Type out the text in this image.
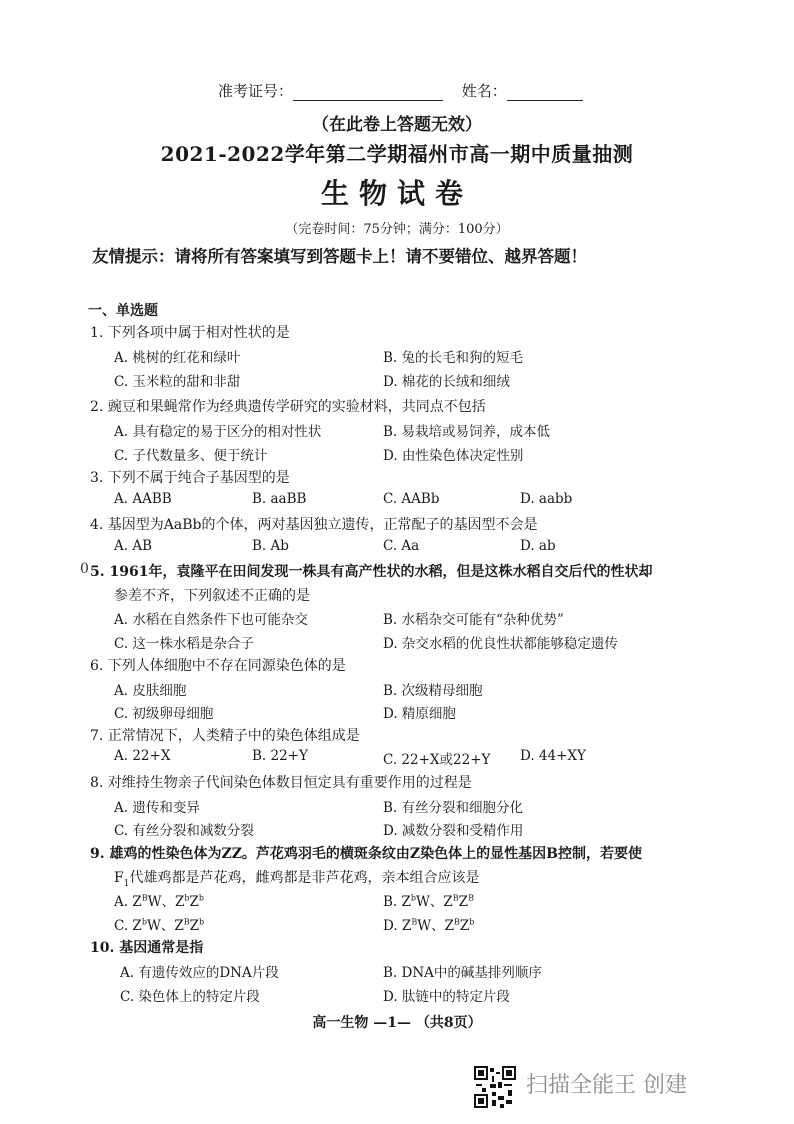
准考证号：	姓名：
（在此卷上答题无效）
2021-2022学年第二学期福州市高一期中质量抽测
生物试卷
（完卷时间：75分钟；满分：100分）
友情提示：请将所有答案填写到答题卡上！请不要错位、越界答题！
一、单选题
1. 下列各项中属于相对性状的是
A. 桃树的红花和绿叶	B. 兔的长毛和狗的短毛
C. 玉米粒的甜和非甜	D. 棉花的长绒和细绒
2. 豌豆和果蝇常作为经典遗传学研究的实验材料，共同点不包括
A. 具有稳定的易于区分的相对性状	B. 易栽培或易饲养，成本低
C. 子代数量多、便于统计	D. 由性染色体决定性别
3. 下列不属于纯合子基因型的是
A. AABB	B. aaBB	C. AABb	D. aabb
4. 基因型为AaBb的个体，两对基因独立遗传，正常配子的基因型不会是
A. AB	B. Ab	C. Aa	D. ab
0 5. 1961年，袁隆平在田间发现一株具有高产性状的水稻，但是这株水稻自交后代的性状却
参差不齐，下列叙述不正确的是
A. 水稻在自然条件下也可能杂交	B. 水稻杂交可能有“杂种优势”
C. 这一株水稻是杂合子	D. 杂交水稻的优良性状都能够稳定遗传
6. 下列人体细胞中不存在同源染色体的是
A. 皮肤细胞	B. 次级精母细胞
C. 初级卵母细胞	D. 精原细胞
7. 正常情况下，人类精子中的染色体组成是
A. 22+X	B. 22+Y	C. 22+X或22+Y D. 44+XY
8. 对维持生物亲子代间染色体数目恒定具有重要作用的过程是
A. 遗传和变异	B. 有丝分裂和细胞分化
C. 有丝分裂和减数分裂	D. 减数分裂和受精作用
9. 雄鸡的性染色体为ZZ。芦花鸡羽毛的横斑条纹由Z染色体上的显性基因B控制，若要使
$F_1$代雄鸡都是芦花鸡，雌鸡都是非芦花鸡，亲本组合应该是
A. $Z^BW$、$Z^bZ^b$	B. $Z^bW$、$Z^BZ^B$
C. $Z^bW$、$Z^BZ^b$	D. $Z^BW$、$Z^BZ^b$
10. 基因通常是指
A. 有遗传效应的DNA片段	B. DNA中的碱基排列顺序
C. 染色体上的特定片段	D. 肽链中的特定片段
高一生物 —1— （共8页）
扫描全能王 创建
